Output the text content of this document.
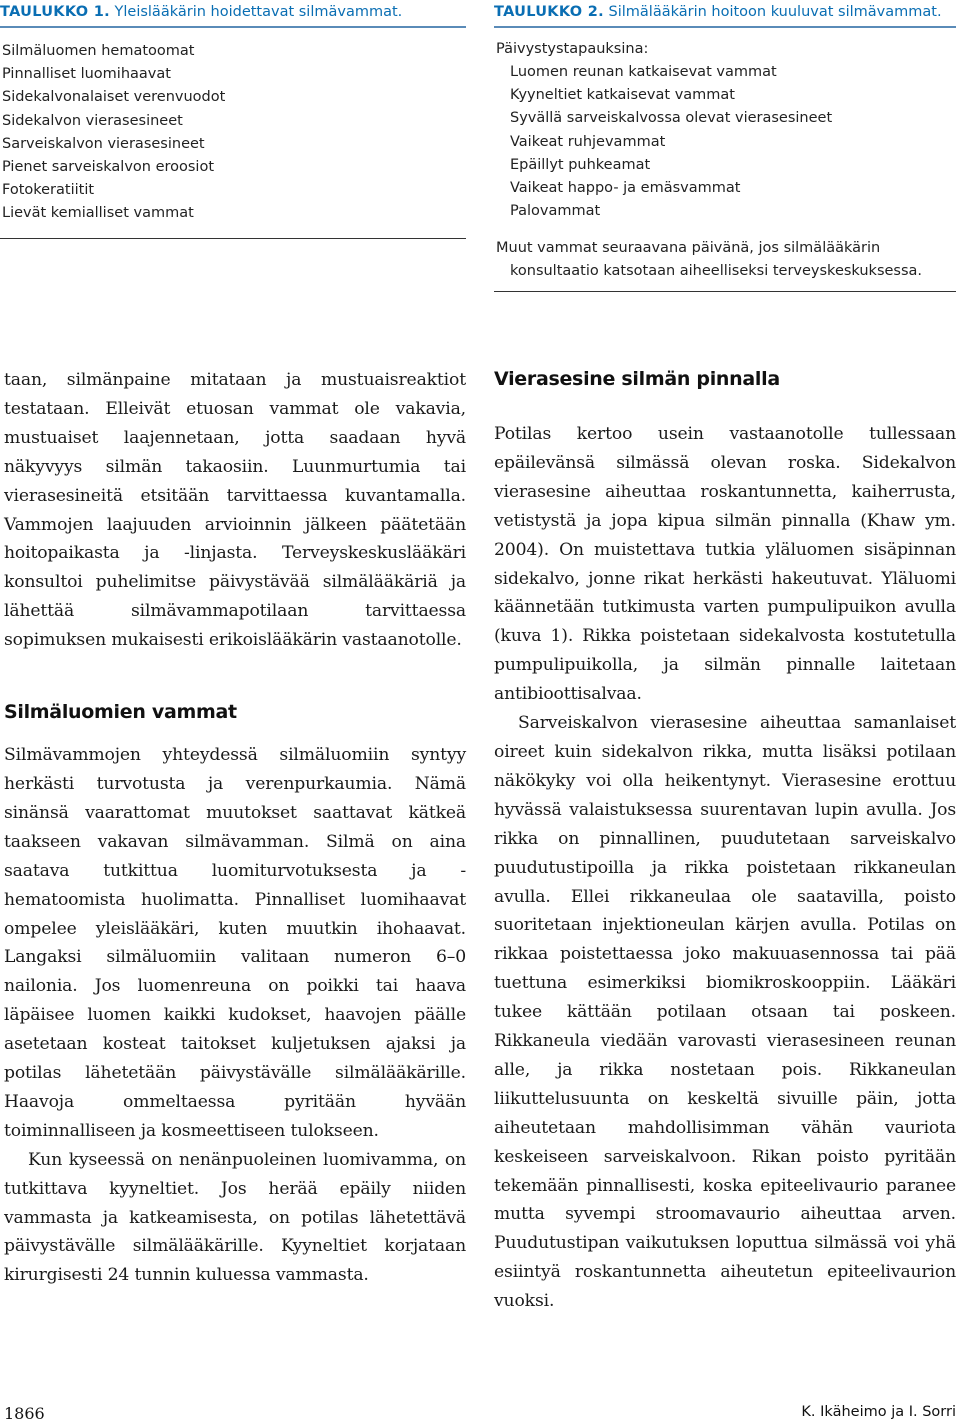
TAULUKKO 1. Yleislääkärin hoidettavat silmävammat.
Silmäluomen hematoomat
Pinnalliset luomihaavat
Sidekalvonalaiset verenvuodot
Sidekalvon vierasesineet
Sarveiskalvon vierasesineet
Pienet sarveiskalvon eroosiot
Fotokeratiitit
Lievät kemialliset vammat
TAULUKKO 2. Silmälääkärin hoitoon kuuluvat silmävammat.
Päivystystapauksina:
Luomen reunan katkaisevat vammat
Kyyneltiet katkaisevat vammat
Syvällä sarveiskalvossa olevat vierasesineet
Vaikeat ruhjevammat
Epäillyt puhkeamat
Vaikeat happo- ja emäsvammat
Palovammat
Muut vammat seuraavana päivänä, jos silmälääkärin konsultaatio katsotaan aiheelliseksi terveyskeskuksessa.

taan, silmänpaine mitataan ja mustuaisreaktiot testataan. Elleivät etuosan vammat ole vakavia, mustuaiset laajennetaan, jotta saadaan hyvä näkyvyys silmän takaosiin. Luunmurtumia tai vierasesineitä etsitään tarvittaessa kuvantamalla. Vammojen laajuuden arvioinnin jälkeen päätetään hoitopaikasta ja -linjasta. Terveyskeskuslääkäri konsultoi puhelimitse päivystävää silmälääkäriä ja lähettää silmävammapotilaan tarvittaessa sopimuksen mukaisesti erikoislääkärin vastaanotolle.

Silmäluomien vammat

Silmävammojen yhteydessä silmäluomiin syntyy herkästi turvotusta ja verenpurkaumia. Nämä sinänsä vaarattomat muutokset saattavat kätkeä taakseen vakavan silmävamman. Silmä on aina saatava tutkittua luomiturvotuksesta ja -hematoomista huolimatta. Pinnalliset luomihaavat ompelee yleislääkäri, kuten muutkin ihohaavat. Langaksi silmäluomiin valitaan numeron 6–0 nailonia. Jos luomenreuna on poikki tai haava läpäisee luomen kaikki kudokset, haavojen päälle asetetaan kosteat taitokset kuljetuksen ajaksi ja potilas lähetetään päivystävälle silmälääkärille. Haavoja ommeltaessa pyritään hyvään toiminnalliseen ja kosmeettiseen tulokseen.

Kun kyseessä on nenänpuoleinen luomivamma, on tutkittava kyyneltiet. Jos herää epäily niiden vammasta ja katkeamisesta, on potilas lähetettävä päivystävälle silmälääkärille. Kyyneltiet korjataan kirurgisesti 24 tunnin kuluessa vammasta.

Vierasesine silmän pinnalla

Potilas kertoo usein vastaanotolle tullessaan epäilevänsä silmässä olevan roska. Sidekalvon vierasesine aiheuttaa roskantunnetta, kaiherrusta, vetistystä ja jopa kipua silmän pinnalla (Khaw ym. 2004). On muistettava tutkia yläluomen sisäpinnan sidekalvo, jonne rikat herkästi hakeutuvat. Yläluomi käännetään tutkimusta varten pumpulipuikon avulla (kuva 1). Rikka poistetaan sidekalvosta kostutetulla pumpulipuikolla, ja silmän pinnalle laitetaan antibioottisalvaa.

Sarveiskalvon vierasesine aiheuttaa samanlaiset oireet kuin sidekalvon rikka, mutta lisäksi potilaan näkökyky voi olla heikentynyt. Vierasesine erottuu hyvässä valaistuksessa suurentavan lupin avulla. Jos rikka on pinnallinen, puudutetaan sarveiskalvo puudutustipoilla ja rikka poistetaan rikkaneulan avulla. Ellei rikkaneulaa ole saatavilla, poisto suoritetaan injektioneulan kärjen avulla. Potilas on rikkaa poistettaessa joko makuuasennossa tai pää tuettuna esimerkiksi biomikroskooppiin. Lääkäri tukee kättään potilaan otsaan tai poskeen. Rikkaneula viedään varovasti vierasesineen reunan alle, ja rikka nostetaan pois. Rikkaneulan liikuttelusuunta on keskeltä sivuille päin, jotta aiheutetaan mahdollisimman vähän vauriota keskeiseen sarveiskalvoon. Rikan poisto pyritään tekemään pinnallisesti, koska epiteelivaurio paranee mutta syvempi stroomavaurio aiheuttaa arven. Puudutustipan vaikutuksen loputtua silmässä voi yhä esiintyä roskantunnetta aiheutetun epiteelivaurion vuoksi.

1866	K. Ikäheimo ja I. Sorri
